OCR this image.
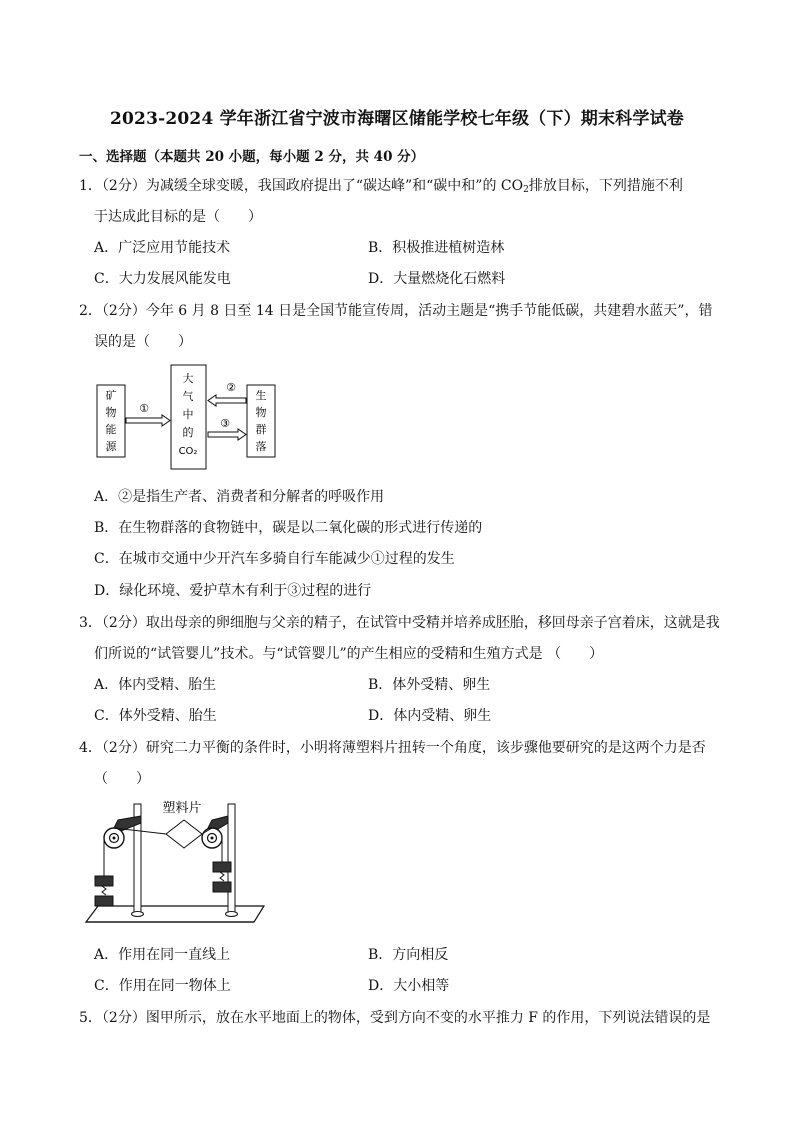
2023-2024 学年浙江省宁波市海曙区储能学校七年级（下）期末科学试卷
一、选择题（本题共 20 小题，每小题 2 分，共 40 分）
1．（2分）为减缓全球变暖，我国政府提出了“碳达峰”和“碳中和”的 $CO_2$排放目标，下列措施不利
于达成此目标的是（　　）
A．广泛应用节能技术	B．积极推进植树造林
C．大力发展风能发电	D．大量燃烧化石燃料
2．（2分）今年 6 月 8 日至 14 日是全国节能宣传周，活动主题是“携手节能低碳，共建碧水蓝天”，错
误的是（　　）
矿
物
能
源
大
气
中
的
CO₂
生
物
群
落
①
②
③
A．②是指生产者、消费者和分解者的呼吸作用
B．在生物群落的食物链中，碳是以二氧化碳的形式进行传递的
C．在城市交通中少开汽车多骑自行车能减少①过程的发生
D．绿化环境、爱护草木有利于③过程的进行
3．（2分）取出母亲的卵细胞与父亲的精子，在试管中受精并培养成胚胎，移回母亲子宫着床，这就是我
们所说的“试管婴儿”技术。与“试管婴儿”的产生相应的受精和生殖方式是 （　　）
A．体内受精、胎生	B．体外受精、卵生
C．体外受精、胎生	D．体内受精、卵生
4．（2分）研究二力平衡的条件时，小明将薄塑料片扭转一个角度，该步骤他要研究的是这两个力是否
（　　）
塑料片
A．作用在同一直线上	B．方向相反
C．作用在同一物体上	D．大小相等
5．（2分）图甲所示，放在水平地面上的物体，受到方向不变的水平推力 F 的作用，下列说法错误的是
